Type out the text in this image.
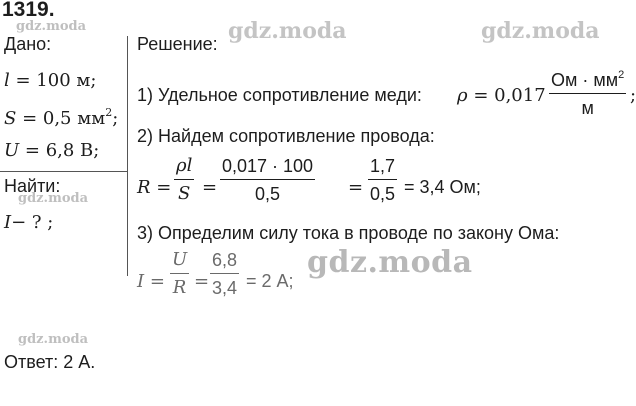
1319.
gdz.moda	gdz.moda	gdz.moda
gdz.moda
gdz.moda
gdz.moda
Дано:
l = 100 м;
S = 0,5 $мм^2$;
U = 6,8 В;
Найти:
I− ? ;
Решение:
1) Удельное сопротивление меди: ρ = 0,017
Ом · $мм^2$
м
;
2) Найдем сопротивление провода:
R =
ρl
S =
0,017 · 100
0,5	=
1,7
0,5 = 3,4 Ом;
3) Определим силу тока в проводе по закону Ома:
I =
U
R =
6,8
3,4 = 2 А;
Ответ: 2 А.
